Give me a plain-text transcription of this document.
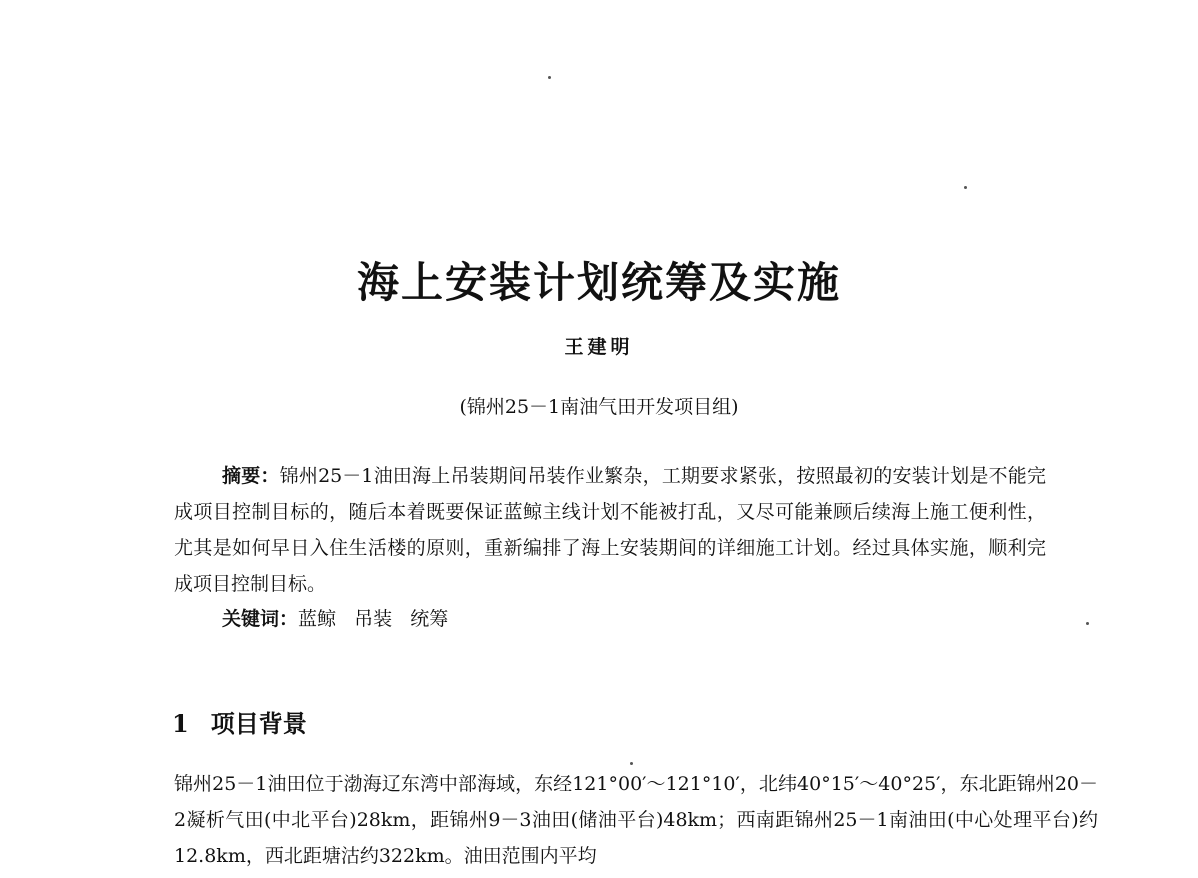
海上安装计划统筹及实施
王建明
(锦州25－1南油气田开发项目组)

摘要：锦州25－1油田海上吊装期间吊装作业繁杂，工期要求紧张，按照最初的安装计划是不能完成项目控制目标的，随后本着既要保证蓝鲸主线计划不能被打乱，又尽可能兼顾后续海上施工便利性，尤其是如何早日入住生活楼的原则，重新编排了海上安装期间的详细施工计划。经过具体实施，顺利完成项目控制目标。

关键词：蓝鲸   吊装   统筹
1 项目背景

锦州25－1油田位于渤海辽东湾中部海域，东经121°00′～121°10′，北纬40°15′～40°25′，东北距锦州20－2凝析气田(中北平台)28km，距锦州9－3油田(储油平台)48km；西南距锦州25－1南油田(中心处理平台)约12.8km，西北距塘沽约322km。油田范围内平均
